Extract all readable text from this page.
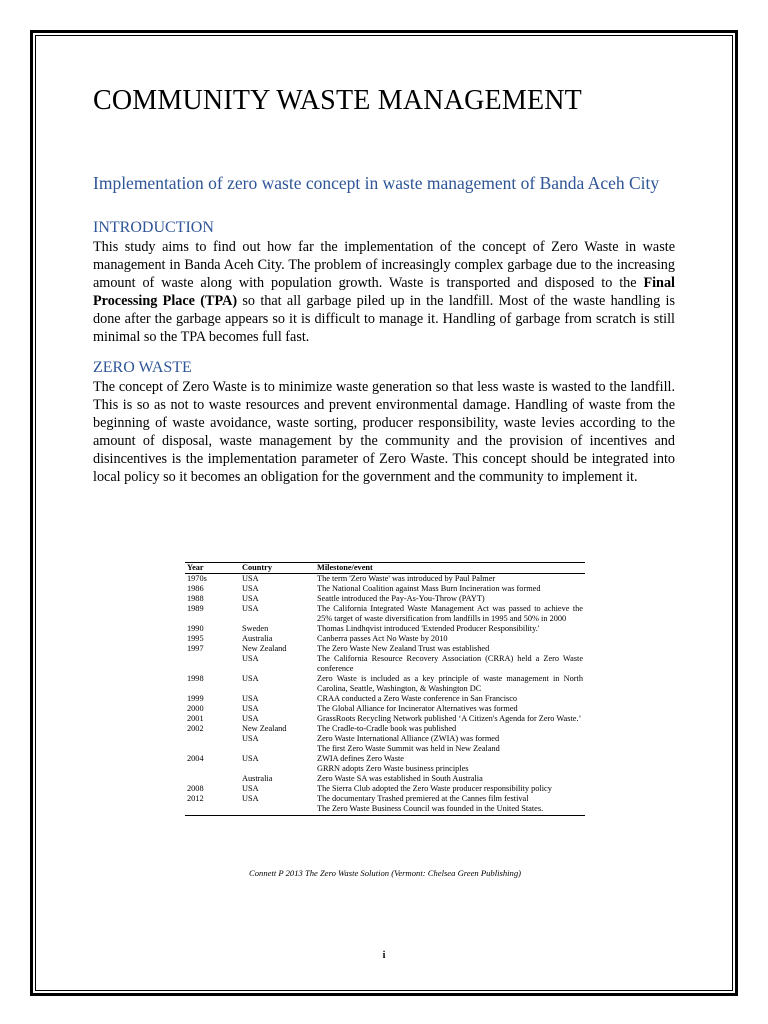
COMMUNITY WASTE MANAGEMENT
Implementation of zero waste concept in waste management of Banda Aceh City
INTRODUCTION

This study aims to find out how far the implementation of the concept of Zero Waste in waste management in Banda Aceh City. The problem of increasingly complex garbage due to the increasing amount of waste along with population growth. Waste is transported and disposed to the Final Processing Place (TPA) so that all garbage piled up in the landfill. Most of the waste handling is done after the garbage appears so it is difficult to manage it. Handling of garbage from scratch is still minimal so the TPA becomes full fast.

ZERO WASTE

The concept of Zero Waste is to minimize waste generation so that less waste is wasted to the landfill. This is so as not to waste resources and prevent environmental damage. Handling of waste from the beginning of waste avoidance, waste sorting, producer responsibility, waste levies according to the amount of disposal, waste management by the community and the provision of incentives and disincentives is the implementation parameter of Zero Waste. This concept should be integrated into local policy so it becomes an obligation for the government and the community to implement it.

Year	Country	Milestone/event
1970s	USA	The term 'Zero Waste' was introduced by Paul Palmer
1986	USA	The National Coalition against Mass Burn Incineration was formed
1988	USA	Seattle introduced the Pay-As-You-Throw (PAYT)
1989	USA	The California Integrated Waste Management Act was passed to achieve the 25% target of waste diversification from landfills in 1995 and 50% in 2000
1990	Sweden	Thomas Lindhqvist introduced 'Extended Producer Responsibility.'
1995	Australia	Canberra passes Act No Waste by 2010
1997	New Zealand	The Zero Waste New Zealand Trust was established
	USA	The California Resource Recovery Association (CRRA) held a Zero Waste conference
1998	USA	Zero Waste is included as a key principle of waste management in North Carolina, Seattle, Washington, & Washington DC
1999	USA	CRAA conducted a Zero Waste conference in San Francisco
2000	USA	The Global Alliance for Incinerator Alternatives was formed
2001	USA	GrassRoots Recycling Network published ‘A Citizen's Agenda for Zero Waste.’
2002	New Zealand	The Cradle-to-Cradle book was published
	USA	Zero Waste International Alliance (ZWIA) was formed
		The first Zero Waste Summit was held in New Zealand
2004	USA	ZWIA defines Zero Waste
		GRRN adopts Zero Waste business principles
	Australia	Zero Waste SA was established in South Australia
2008	USA	The Sierra Club adopted the Zero Waste producer responsibility policy
2012	USA	The documentary Trashed premiered at the Cannes film festival
		The Zero Waste Business Council was founded in the United States.
Connett P 2013 The Zero Waste Solution (Vermont: Chelsea Green Publishing)
i
